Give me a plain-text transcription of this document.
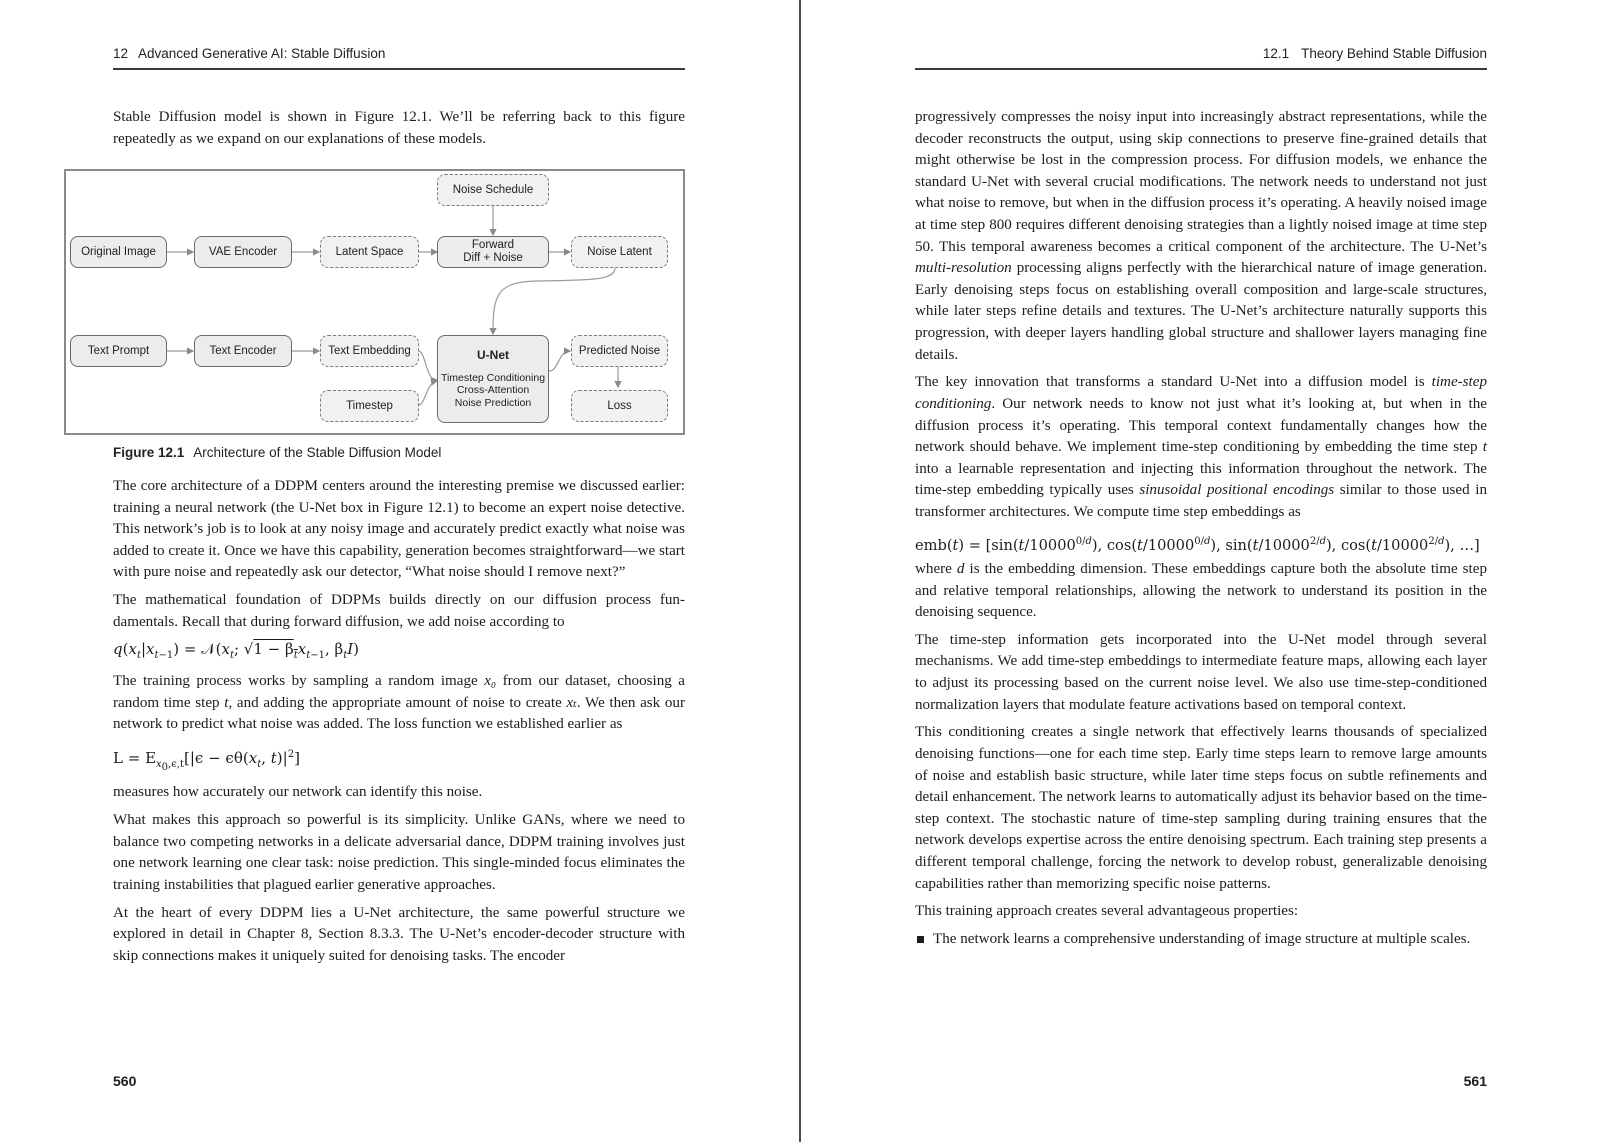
12 Advanced Generative AI: Stable Diffusion

Stable Diffusion model is shown in Figure 12.1. We’ll be referring back to this figure repeatedly as we expand on our explanations of these models.

Noise Schedule
Original Image	VAE Encoder	Latent Space
Forward
Diff + Noise
Noise Latent
Text Prompt	Text Encoder	Text Embedding
Timestep
U-Net
Timestep Conditioning
Cross-Attention
Noise Prediction
Predicted Noise
Loss
Figure 12.1 Architecture of the Stable Diffusion Model

The core architecture of a DDPM centers around the interesting premise we discussed earlier: training a neural network (the U-Net box in Figure 12.1) to become an expert noise detective. This network’s job is to look at any noisy image and accurately predict exactly what noise was added to create it. Once we have this capability, generation becomes straightforward—we start with pure noise and repeatedly ask our detector, “What noise should I remove next?”

The mathematical foundation of DDPMs builds directly on our diffusion process fundamentals. Recall that during forward diffusion, we add noise according to

$q(x_t|x_{t-1})$ = $𝒩(x_t$; $√1 - \beta_tx_{t-1}$, $\beta_tI$)

The training process works by sampling a random image x₀ from our dataset, choosing a random time step t, and adding the appropriate amount of noise to create xₜ. We then ask our network to predict what noise was added. The loss function we established earlier as

$L = E_{x_0,\epsilon,t}[|\epsilon - \epsilon\theta(x_t$, $t)|^2$]

measures how accurately our network can identify this noise.

What makes this approach so powerful is its simplicity. Unlike GANs, where we need to balance two competing networks in a delicate adversarial dance, DDPM training involves just one network learning one clear task: noise prediction. This single-minded focus eliminates the training instabilities that plagued earlier generative approaches.

At the heart of every DDPM lies a U-Net architecture, the same powerful structure we explored in detail in Chapter 8, Section 8.3.3. The U-Net’s encoder-decoder structure with skip connections makes it uniquely suited for denoising tasks. The encoder

560
12.1 Theory Behind Stable Diffusion

progressively compresses the noisy input into increasingly abstract representations, while the decoder reconstructs the output, using skip connections to preserve fine-grained details that might otherwise be lost in the compression process. For diffusion models, we enhance the standard U-Net with several crucial modifications. The network needs to understand not just what noise to remove, but when in the diffusion process it’s operating. A heavily noised image at time step 800 requires different denoising strategies than a lightly noised image at time step 50. This temporal awareness becomes a critical component of the architecture. The U-Net’s multi-resolution processing aligns perfectly with the hierarchical nature of image generation. Early denoising steps focus on establishing overall composition and large-scale structures, while later steps refine details and textures. The U-Net’s architecture naturally supports this progression, with deeper layers handling global structure and shallower layers managing fine details.

The key innovation that transforms a standard U-Net into a diffusion model is time-step conditioning. Our network needs to know not just what it’s looking at, but when in the diffusion process it’s operating. This temporal context fundamentally changes how the network should behave. We implement time-step conditioning by embedding the time step t into a learnable representation and injecting this information throughout the network. The time-step embedding typically uses sinusoidal positional encodings similar to those used in transformer architectures. We compute time step embeddings as

$emb(t) = [\sin(t/10000^{0/d})$, $\cos(t/10000^{0/d})$, $\sin(t/10000^{2/d})$, $\cos(t/10000^{2/d})$, …]

where d is the embedding dimension. These embeddings capture both the absolute time step and relative temporal relationships, allowing the network to understand its position in the denoising sequence.

The time-step information gets incorporated into the U-Net model through several mechanisms. We add time-step embeddings to intermediate feature maps, allowing each layer to adjust its processing based on the current noise level. We also use time-step-conditioned normalization layers that modulate feature activations based on temporal context.

This conditioning creates a single network that effectively learns thousands of specialized denoising functions—one for each time step. Early time steps learn to remove large amounts of noise and establish basic structure, while later time steps focus on subtle refinements and detail enhancement. The network learns to automatically adjust its behavior based on the time-step context. The stochastic nature of time-step sampling during training ensures that the network develops expertise across the entire denoising spectrum. Each training step presents a different temporal challenge, forcing the network to develop robust, generalizable denoising capabilities rather than memorizing specific noise patterns.

This training approach creates several advantageous properties:

The network learns a comprehensive understanding of image structure at multiple scales.
561
